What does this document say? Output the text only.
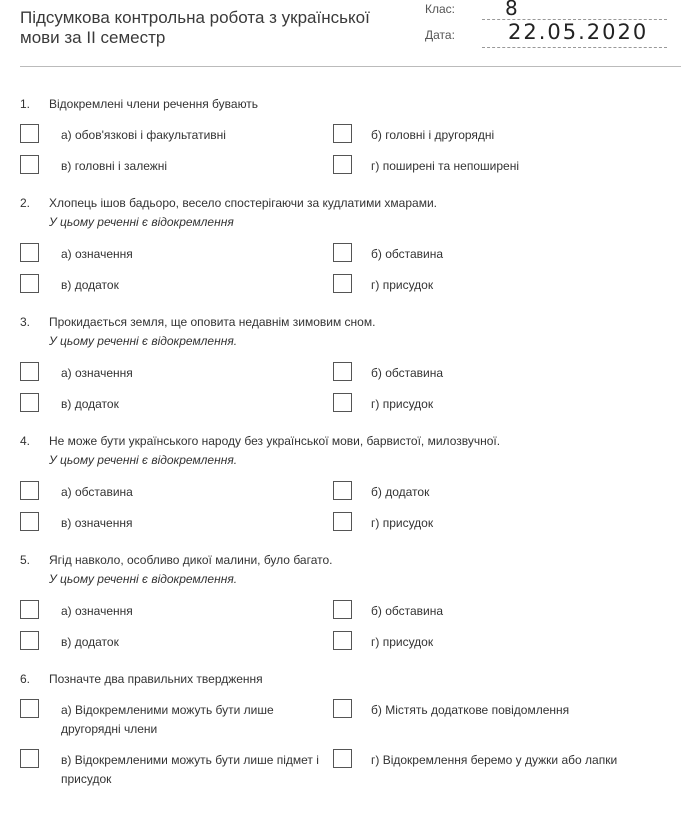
Підсумкова контрольна робота з української мови за II семестр
Клас:	8
Дата:	22.05.2020
1.	Відокремлені члени речення бувають
а) обов'язкові і факультативні	б) головні і другорядні
в) головні і залежні	г) поширені та непоширені
2.	Хлопець ішов бадьоро, весело спостерігаючи за кудлатими хмарами.
У цьому реченні є відокремлення
а) означення	б) обставина
в) додаток	г) присудок
3.	Прокидається земля, ще оповита недавнім зимовим сном.
У цьому реченні є відокремлення.
а) означення	б) обставина
в) додаток	г) присудок
4.	Не може бути українського народу без української мови, барвистої, милозвучної.
У цьому реченні є відокремлення.
а) обставина	б) додаток
в) означення	г) присудок
5.	Ягід навколо, особливо дикої малини, було багато.
У цьому реченні є відокремлення.
а) означення	б) обставина
в) додаток	г) присудок
6.	Позначте два правильних твердження
а) Відокремленими можуть бути лише другорядні члени
б) Містять додаткове повідомлення
в) Відокремленими можуть бути лише підмет і присудок
г) Відокремлення беремо у дужки або лапки
